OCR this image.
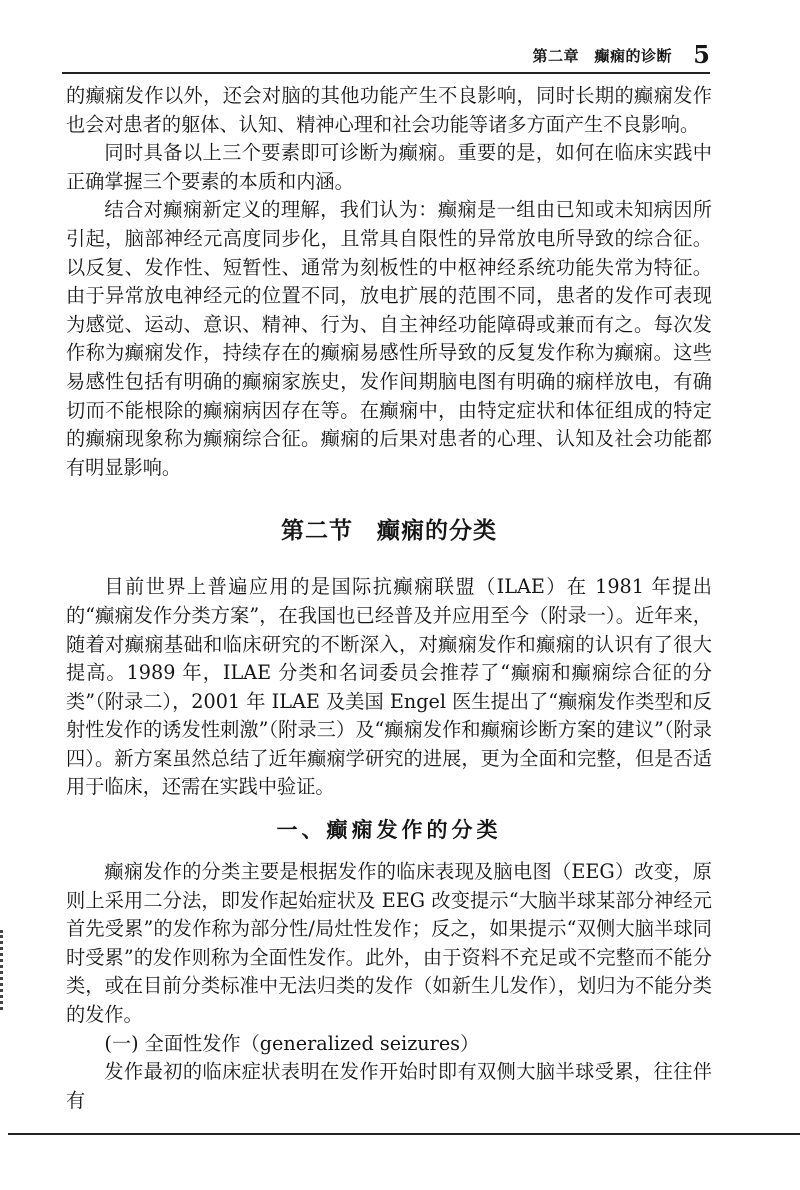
第二章　癫痫的诊断 5

的癫痫发作以外，还会对脑的其他功能产生不良影响，同时长期的癫痫发作也会对患者的躯体、认知、精神心理和社会功能等诸多方面产生不良影响。

同时具备以上三个要素即可诊断为癫痫。重要的是，如何在临床实践中正确掌握三个要素的本质和内涵。

结合对癫痫新定义的理解，我们认为：癫痫是一组由已知或未知病因所引起，脑部神经元高度同步化，且常具自限性的异常放电所导致的综合征。以反复、发作性、短暂性、通常为刻板性的中枢神经系统功能失常为特征。由于异常放电神经元的位置不同，放电扩展的范围不同，患者的发作可表现为感觉、运动、意识、精神、行为、自主神经功能障碍或兼而有之。每次发作称为癫痫发作，持续存在的癫痫易感性所导致的反复发作称为癫痫。这些易感性包括有明确的癫痫家族史，发作间期脑电图有明确的痫样放电，有确切而不能根除的癫痫病因存在等。在癫痫中，由特定症状和体征组成的特定的癫痫现象称为癫痫综合征。癫痫的后果对患者的心理、认知及社会功能都有明显影响。

第二节　癫痫的分类

目前世界上普遍应用的是国际抗癫痫联盟（ILAE）在 1981 年提出的“癫痫发作分类方案”，在我国也已经普及并应用至今（附录一）。近年来，随着对癫痫基础和临床研究的不断深入，对癫痫发作和癫痫的认识有了很大提高。1989 年，ILAE 分类和名词委员会推荐了“癫痫和癫痫综合征的分类”（附录二），2001 年 ILAE 及美国 Engel 医生提出了“癫痫发作类型和反射性发作的诱发性刺激”（附录三）及“癫痫发作和癫痫诊断方案的建议”（附录四）。新方案虽然总结了近年癫痫学研究的进展，更为全面和完整，但是否适用于临床，还需在实践中验证。

一、癫痫发作的分类

癫痫发作的分类主要是根据发作的临床表现及脑电图（EEG）改变，原则上采用二分法，即发作起始症状及 EEG 改变提示“大脑半球某部分神经元首先受累”的发作称为部分性/局灶性发作；反之，如果提示“双侧大脑半球同时受累”的发作则称为全面性发作。此外，由于资料不充足或不完整而不能分类，或在目前分类标准中无法归类的发作（如新生儿发作），划归为不能分类的发作。

(一) 全面性发作（generalized seizures）

发作最初的临床症状表明在发作开始时即有双侧大脑半球受累，往往伴有
